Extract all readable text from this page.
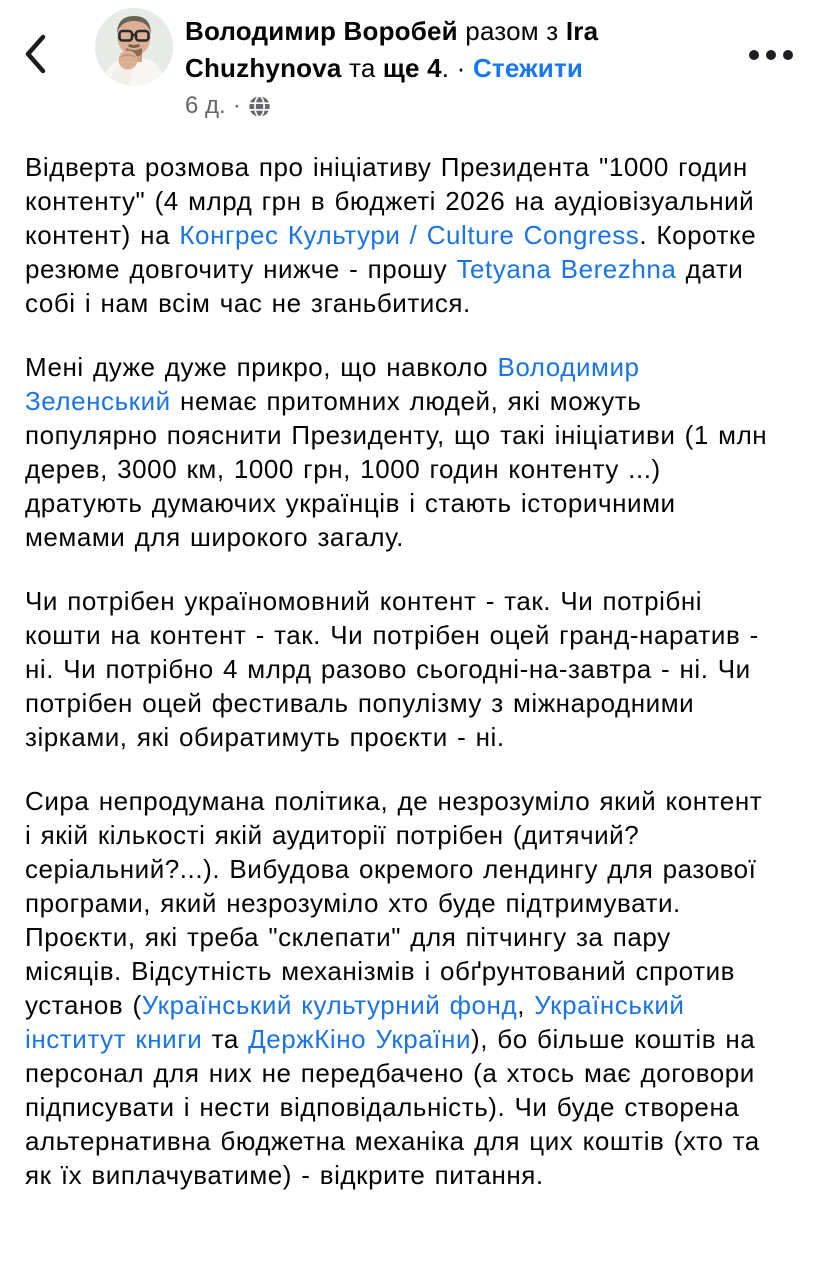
Володимир Воробей разом з Ira Chuzhynova та ще 4. · Стежити
6 д. ·

Відверта розмова про ініціативу Президента "1000 годин контенту" (4 млрд грн в бюджеті 2026 на аудіовізуальний контент) на Конгрес Культури / Culture Congress. Коротке резюме довгочиту нижче - прошу Tetyana Berezhna дати собі і нам всім час не зганьбитися.

Мені дуже дуже прикро, що навколо Володимир Зеленський немає притомних людей, які можуть популярно пояснити Президенту, що такі ініціативи (1 млн дерев, 3000 км, 1000 грн, 1000 годин контенту ...) дратують думаючих українців і стають історичними мемами для широкого загалу.

Чи потрібен україномовний контент - так. Чи потрібні кошти на контент - так. Чи потрібен оцей гранд-наратив - ні. Чи потрібно 4 млрд разово сьогодні-на-завтра - ні. Чи потрібен оцей фестиваль популізму з міжнародними зірками, які обиратимуть проєкти - ні.

Сира непродумана політика, де незрозуміло який контент і якій кількості якій аудиторії потрібен (дитячий? серіальний?...). Вибудова окремого лендингу для разової програми, який незрозуміло хто буде підтримувати. Проєкти, які треба "склепати" для пітчингу за пару місяців. Відсутність механізмів і обґрунтований спротив установ (Український культурний фонд, Український інститут книги та ДержКіно України), бо більше коштів на персонал для них не передбачено (а хтось має договори підписувати і нести відповідальність). Чи буде створена альтернативна бюджетна механіка для цих коштів (хто та як їх виплачуватиме) - відкрите питання.
